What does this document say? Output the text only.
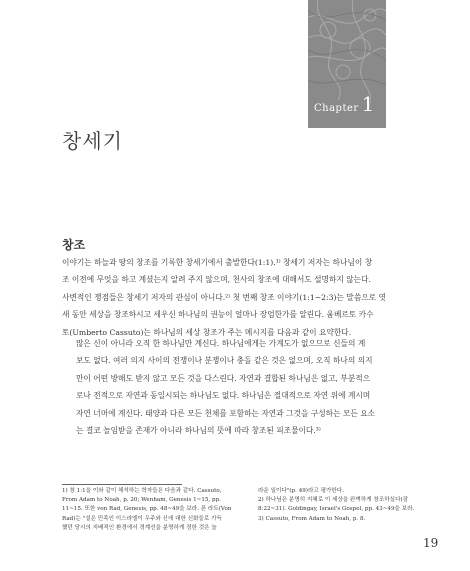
Chapter 1
창세기
창조
이야기는 하늘과 땅의 창조를 기록한 창세기에서 출발한다(1:1).¹⁾ 창세기 저자는 하나님이 창
조 이전에 무엇을 하고 계셨는지 알려 주지 않으며, 천사의 창조에 대해서도 설명하지 않는다.
사변적인 쟁점들은 창세기 저자의 관심이 아니다.²⁾ 첫 번째 창조 이야기(1:1~2:3)는 말씀으로 엿
새 동안 세상을 창조하시고 세우신 하나님의 권능이 얼마나 장엄한가를 알린다. 움베르토 카수
토(Umberto Cassuto)는 하나님의 세상 창조가 주는 메시지를 다음과 같이 요약한다.
많은 신이 아니라 오직 한 하나님만 계신다. 하나님에게는 가계도가 없으므로 신들의 계
보도 없다. 여러 의지 사이의 전쟁이나 분쟁이나 충돌 같은 것은 없으며, 오직 하나의 의지
만이 어떤 방해도 받지 않고 모든 것을 다스린다. 자연과 결합된 하나님은 없고, 부분적으
로나 전적으로 자연과 동일시되는 하나님도 없다. 하나님은 절대적으로 자연 위에 계시며
자연 너머에 계신다. 태양과 다른 모든 천체를 포함하는 자연과 그것을 구성하는 모든 요소
는 결코 놀임받을 존재가 아니라 하나님의 뜻에 따라 창조된 피조물이다.³⁾
1) 창 1:1을 이와 같이 해석하는 학자들은 다음과 같다. Cassuto,
From Adam to Noah, p. 20; Wenham, Genesis 1~15, pp.
11~15. 또한 von Rad, Genesis, pp. 48~49을 보라. 폰 라트(Von
Rad)는 "설은 민족인 이스라엘이 우주와 신에 대한 신화들로 가득
했던 당시의 지배적인 환경에서 경계선을 분명하게 정한 것은 놀
라운 일이다"(p. 49)라고 평가한다.
2) 하나님은 분명히 지혜로 이 세상을 완벽하게 창조하실다(잠
8:22~31). Goldingay, Israel's Gospel, pp. 43~49을 보라.
3) Cassuto, From Adam to Noah, p. 8.
19
